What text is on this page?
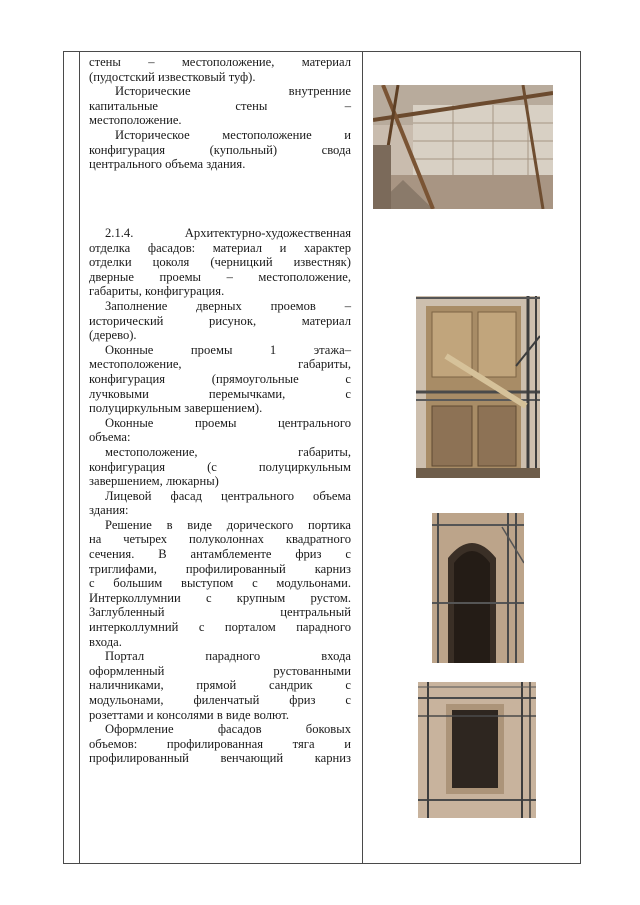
стены – местоположение, материал

(пудостский известковый туф).

Исторические внутренние

капитальные стены –

местоположение.

Историческое местоположение и

конфигурация (купольный) свода

центрального объема здания.

2.1.4. Архитектурно-художественная

отделка фасадов: материал и характер

отделки цоколя (черницкий известняк)

дверные проемы – местоположение,

габариты, конфигурация.

Заполнение дверных проемов –

исторический рисунок, материал

(дерево).

Оконные проемы 1 этажа–

местоположение, габариты,

конфигурация (прямоугольные с

лучковыми перемычками, с

полуциркульным завершением).

Оконные проемы центрального

объема:

местоположение, габариты,

конфигурация (с полуциркульным

завершением, люкарны)

Лицевой фасад центрального объема

здания:

Решение в виде дорического портика

на четырех полуколоннах квадратного

сечения. В антамблементе фриз с

триглифами, профилированный карниз

с большим выступом с модульонами.

Интерколлумнии с крупным рустом.

Заглубленный центральный

интерколлумний с порталом парадного

входа.

Портал парадного входа

оформленный рустованными

наличниками, прямой сандрик с

модульонами, филенчатый фриз с

розеттами и консолями в виде волют.

Оформление фасадов боковых

объемов: профилированная тяга и

профилированный венчающий карниз
